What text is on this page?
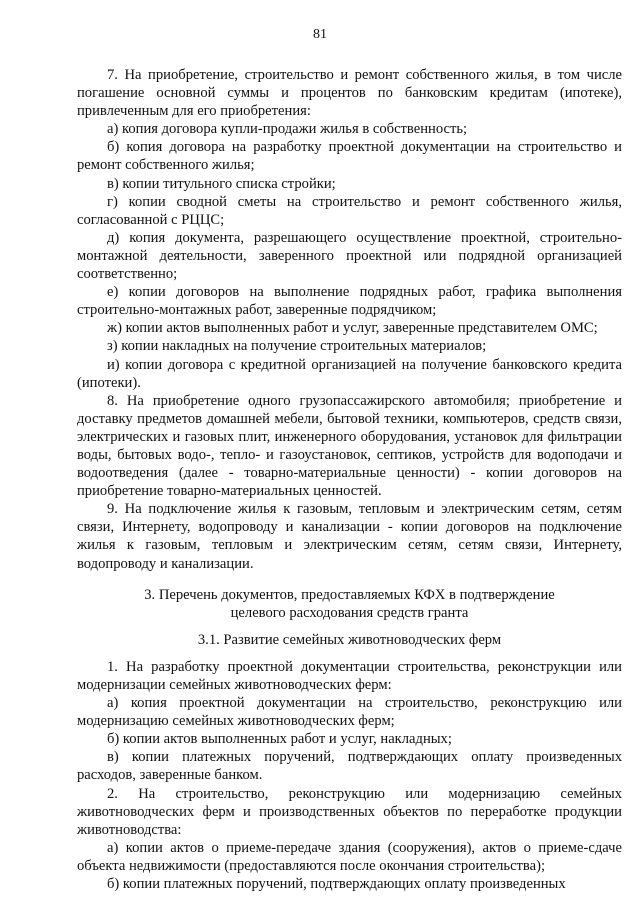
81

7. На приобретение, строительство и ремонт собственного жилья, в том числе погашение основной суммы и процентов по банковским кредитам (ипотеке), привлеченным для его приобретения:

а) копия договора купли-продажи жилья в собственность;

б) копия договора на разработку проектной документации на строительство и ремонт собственного жилья;

в) копии титульного списка стройки;

г) копии сводной сметы на строительство и ремонт собственного жилья, согласованной с РЦЦС;

д) копия документа, разрешающего осуществление проектной, строительно-монтажной деятельности, заверенного проектной или подрядной организацией соответственно;

е) копии договоров на выполнение подрядных работ, графика выполнения строительно-монтажных работ, заверенные подрядчиком;

ж) копии актов выполненных работ и услуг, заверенные представителем ОМС;

з) копии накладных на получение строительных материалов;

и) копии договора с кредитной организацией на получение банковского кредита (ипотеки).

8. На приобретение одного грузопассажирского автомобиля; приобретение и доставку предметов домашней мебели, бытовой техники, компьютеров, средств связи, электрических и газовых плит, инженерного оборудования, установок для фильтрации воды, бытовых водо-, тепло- и газоустановок, септиков, устройств для водоподачи и водоотведения (далее - товарно-материальные ценности) - копии договоров на приобретение товарно-материальных ценностей.

9. На подключение жилья к газовым, тепловым и электрическим сетям, сетям связи, Интернету, водопроводу и канализации - копии договоров на подключение жилья к газовым, тепловым и электрическим сетям, сетям связи, Интернету, водопроводу и канализации.

3. Перечень документов, предоставляемых КФХ в подтверждение

целевого расходования средств гранта

3.1. Развитие семейных животноводческих ферм

1. На разработку проектной документации строительства, реконструкции или модернизации семейных животноводческих ферм:

а) копия проектной документации на строительство, реконструкцию или модернизацию семейных животноводческих ферм;

б) копии актов выполненных работ и услуг, накладных;

в) копии платежных поручений, подтверждающих оплату произведенных расходов, заверенные банком.

2. На строительство, реконструкцию или модернизацию семейных животноводческих ферм и производственных объектов по переработке продукции животноводства:

а) копии актов о приеме-передаче здания (сооружения), актов о приеме-сдаче объекта недвижимости (предоставляются после окончания строительства);

б) копии платежных поручений, подтверждающих оплату произведенных
